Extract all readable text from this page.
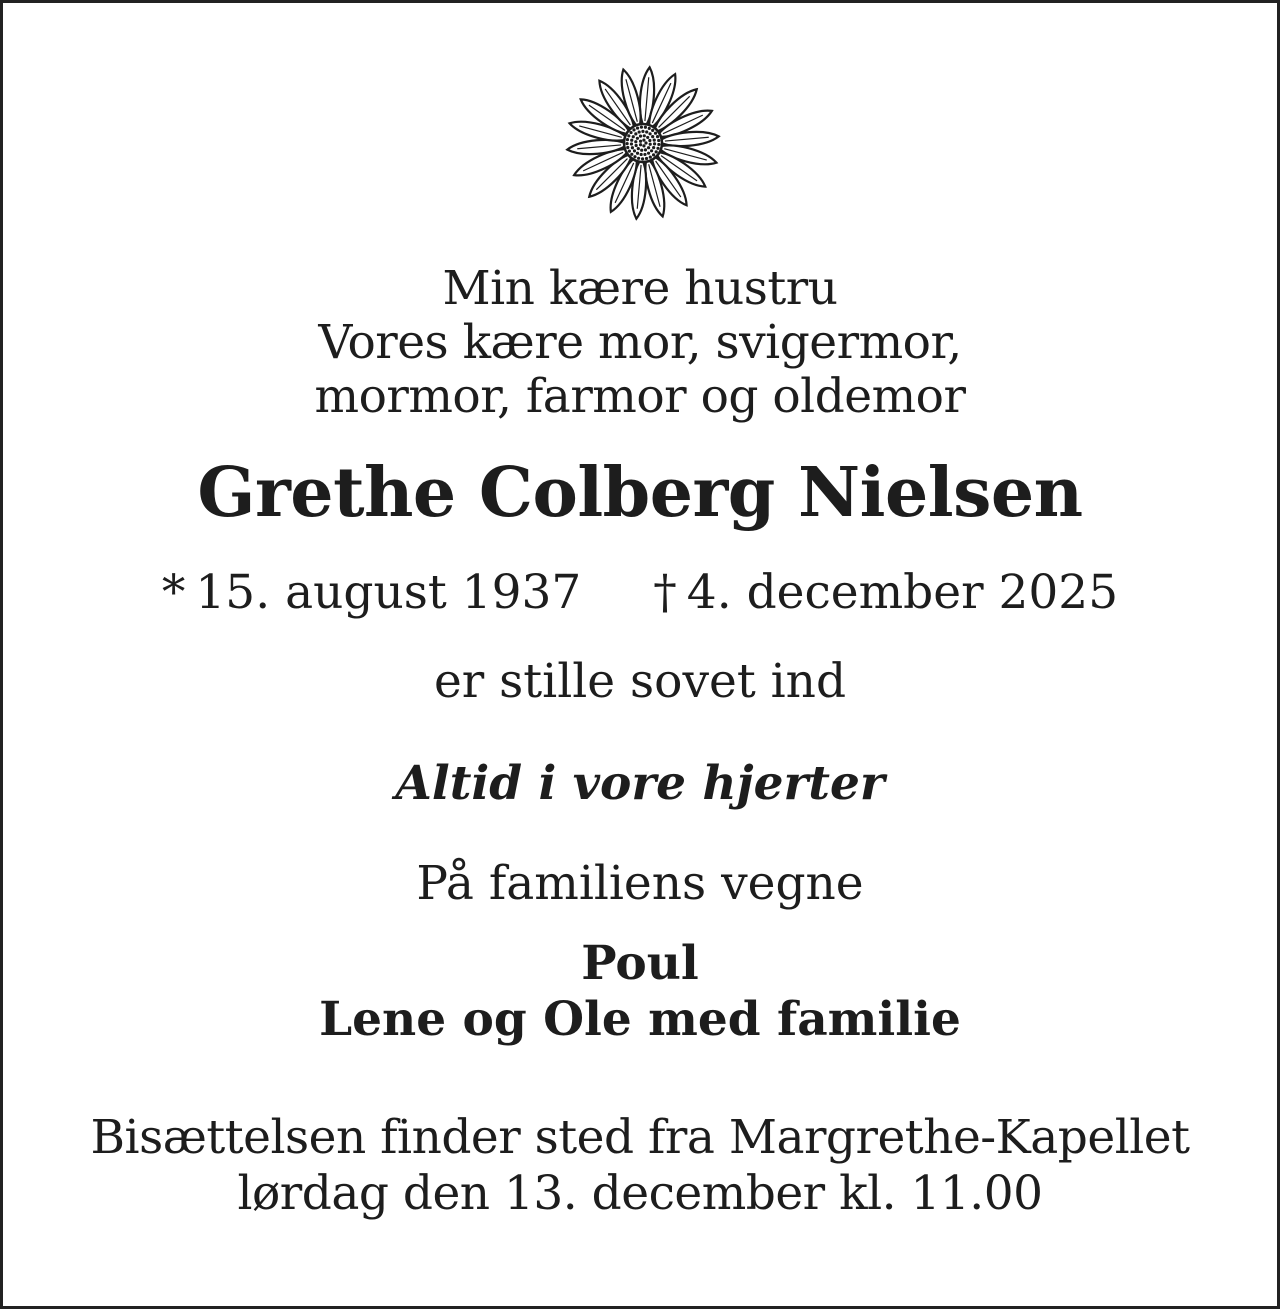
Min kære hustru
Vores kære mor, svigermor,
mormor, farmor og oldemor
Grethe Colberg Nielsen
* 15. august 1937 † 4. december 2025
er stille sovet ind
Altid i vore hjerter
På familiens vegne
Poul
Lene og Ole med familie
Bisættelsen finder sted fra Margrethe-Kapellet
lørdag den 13. december kl. 11.00
